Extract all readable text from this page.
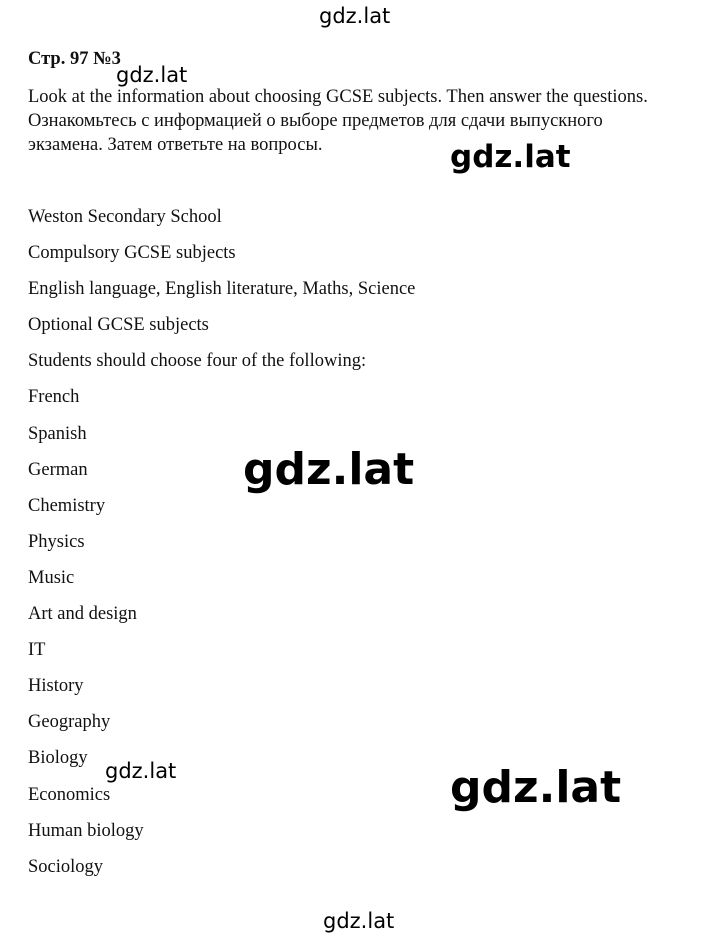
gdz.lat
Стр. 97 №3
gdz.lat

Look at the information about choosing GCSE subjects. Then answer the questions. Ознакомьтесь с информацией о выборе предметов для сдачи выпускного экзамена. Затем ответьте на вопросы.	gdz.lat
Weston Secondary School
Compulsory GCSE subjects
English language, English literature, Maths, Science
Optional GCSE subjects
Students should choose four of the following:
French
Spanish
German
Chemistry
Physics
Music
Art and design
IT
History
Geography
Biology
Economics
Human biology
Sociology
gdz.lat
gdz.lat	gdz.lat
gdz.lat
